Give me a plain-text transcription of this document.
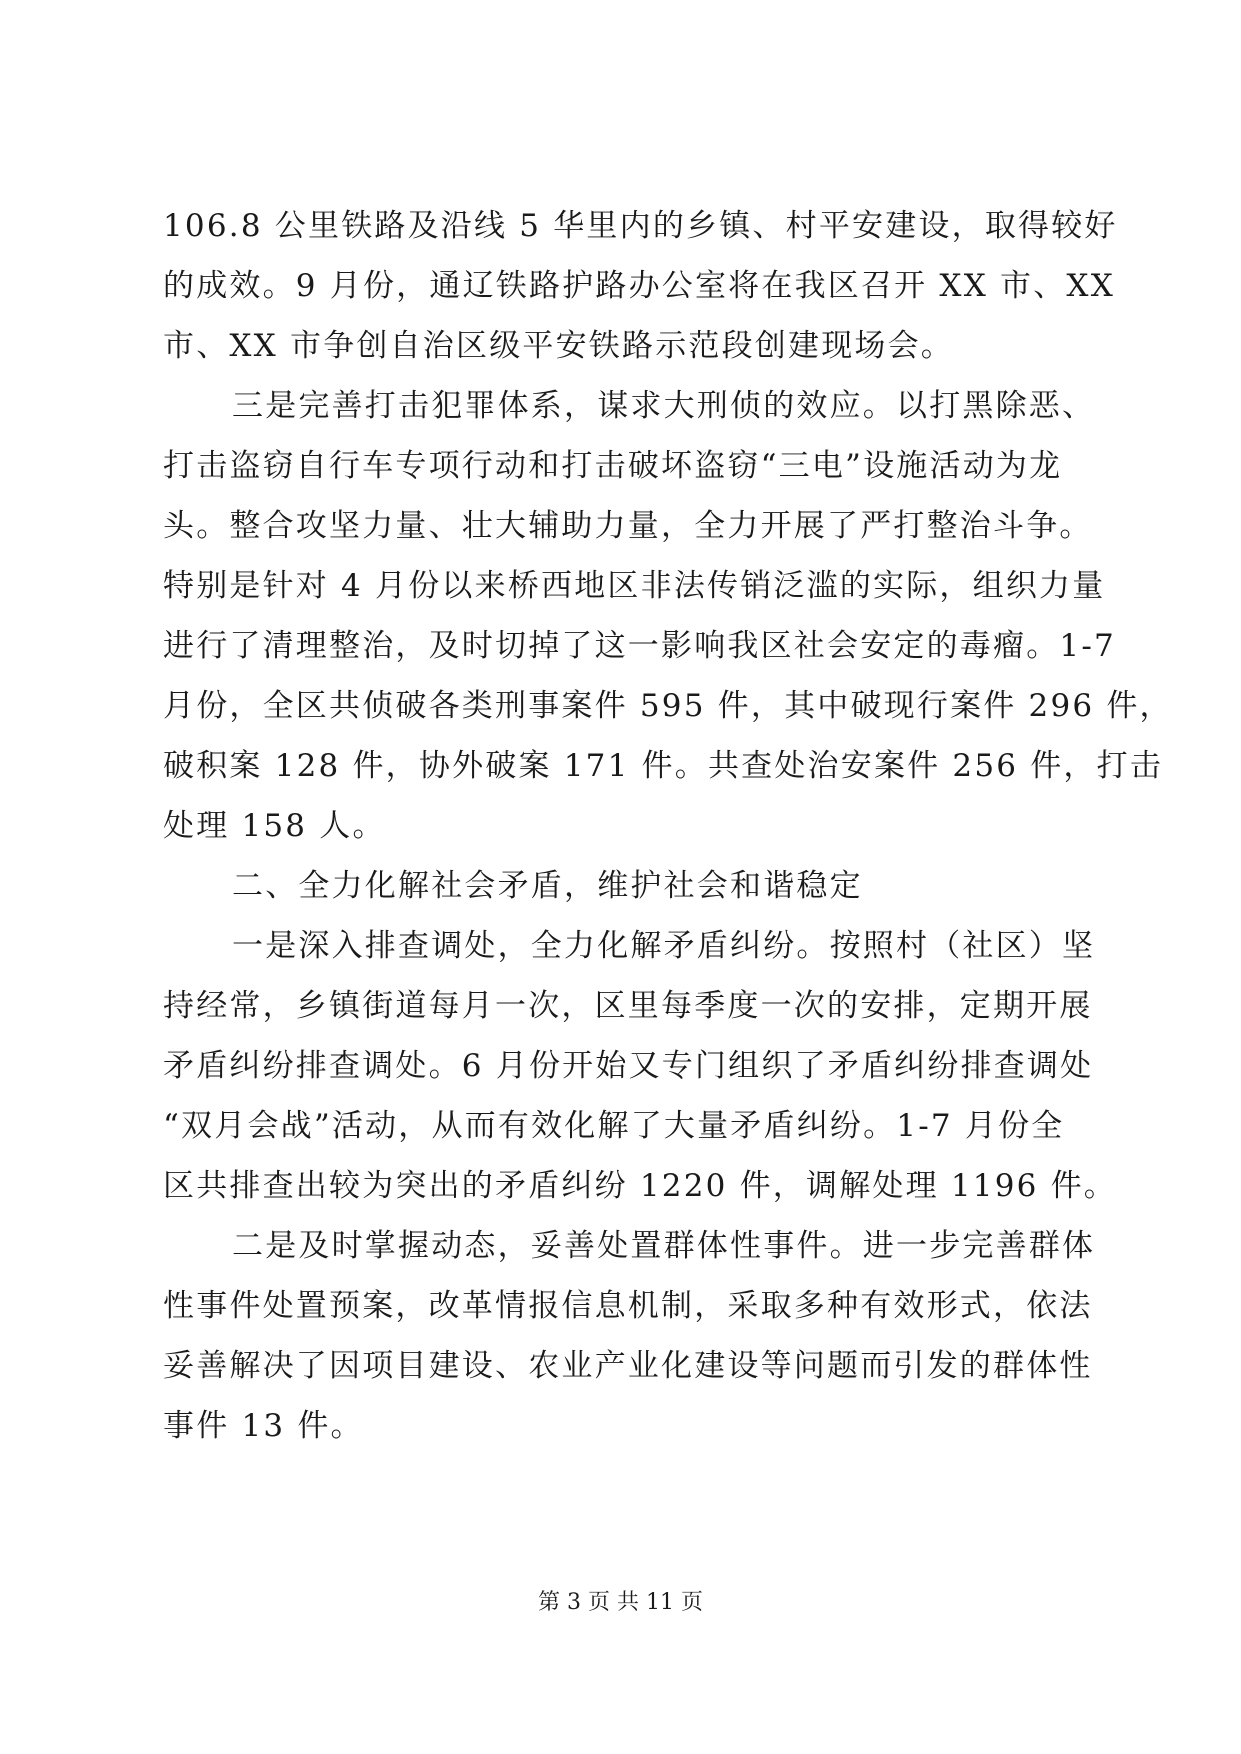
106.8 公里铁路及沿线 5 华里内的乡镇、村平安建设，取得较好
的成效。9 月份，通辽铁路护路办公室将在我区召开 XX 市、XX
市、XX 市争创自治区级平安铁路示范段创建现场会。
三是完善打击犯罪体系，谋求大刑侦的效应。以打黑除恶、
打击盗窃自行车专项行动和打击破坏盗窃“三电”设施活动为龙
头。整合攻坚力量、壮大辅助力量，全力开展了严打整治斗争。
特别是针对 4 月份以来桥西地区非法传销泛滥的实际，组织力量
进行了清理整治，及时切掉了这一影响我区社会安定的毒瘤。1-7
月份，全区共侦破各类刑事案件 595 件，其中破现行案件 296 件，
破积案 128 件，协外破案 171 件。共查处治安案件 256 件，打击
处理 158 人。
二、全力化解社会矛盾，维护社会和谐稳定
一是深入排查调处，全力化解矛盾纠纷。按照村（社区）坚
持经常，乡镇街道每月一次，区里每季度一次的安排，定期开展
矛盾纠纷排查调处。6 月份开始又专门组织了矛盾纠纷排查调处
“双月会战”活动，从而有效化解了大量矛盾纠纷。1-7 月份全
区共排查出较为突出的矛盾纠纷 1220 件，调解处理 1196 件。
二是及时掌握动态，妥善处置群体性事件。进一步完善群体
性事件处置预案，改革情报信息机制，采取多种有效形式，依法
妥善解决了因项目建设、农业产业化建设等问题而引发的群体性
事件 13 件。
第 3 页 共 11 页
